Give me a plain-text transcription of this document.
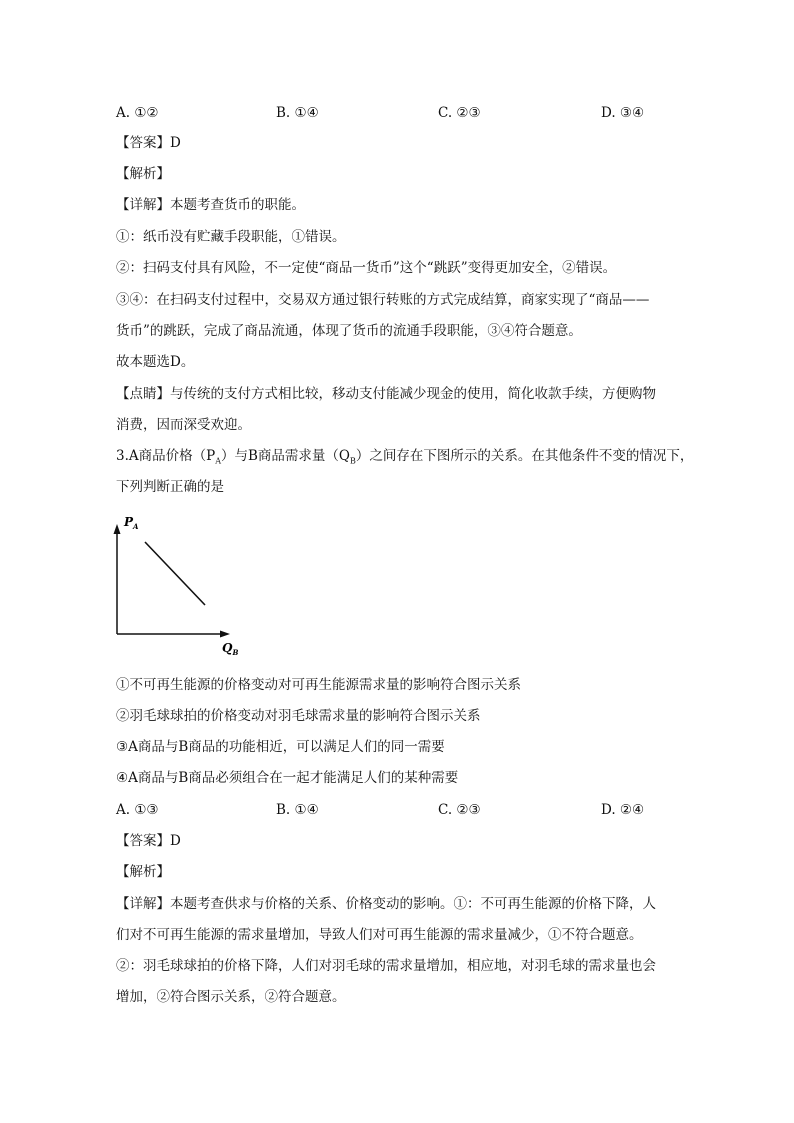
A. ①②	B. ①④	C. ②③	D. ③④
【答案】D
【解析】
【详解】本题考查货币的职能。
①：纸币没有贮藏手段职能，①错误。
②：扫码支付具有风险，不一定使“商品一货币”这个“跳跃”变得更加安全，②错误。
③④：在扫码支付过程中，交易双方通过银行转账的方式完成结算，商家实现了“商品——
货币”的跳跃，完成了商品流通，体现了货币的流通手段职能，③④符合题意。
故本题选D。
【点睛】与传统的支付方式相比较，移动支付能减少现金的使用，简化收款手续，方便购物
消费，因而深受欢迎。
3.A商品价格$(P_A)$与B商品需求量$(Q_B)$之间存在下图所示的关系。在其他条件不变的情况下，
下列判断正确的是
$P_A$
$Q_B$
①不可再生能源的价格变动对可再生能源需求量的影响符合图示关系
②羽毛球球拍的价格变动对羽毛球需求量的影响符合图示关系
③A商品与B商品的功能相近，可以满足人们的同一需要
④A商品与B商品必须组合在一起才能满足人们的某种需要
A. ①③	B. ①④	C. ②③	D. ②④
【答案】D
【解析】
【详解】本题考查供求与价格的关系、价格变动的影响。①：不可再生能源的价格下降，人
们对不可再生能源的需求量增加，导致人们对可再生能源的需求量减少，①不符合题意。
②：羽毛球球拍的价格下降，人们对羽毛球的需求量增加，相应地，对羽毛球的需求量也会
增加，②符合图示关系，②符合题意。
